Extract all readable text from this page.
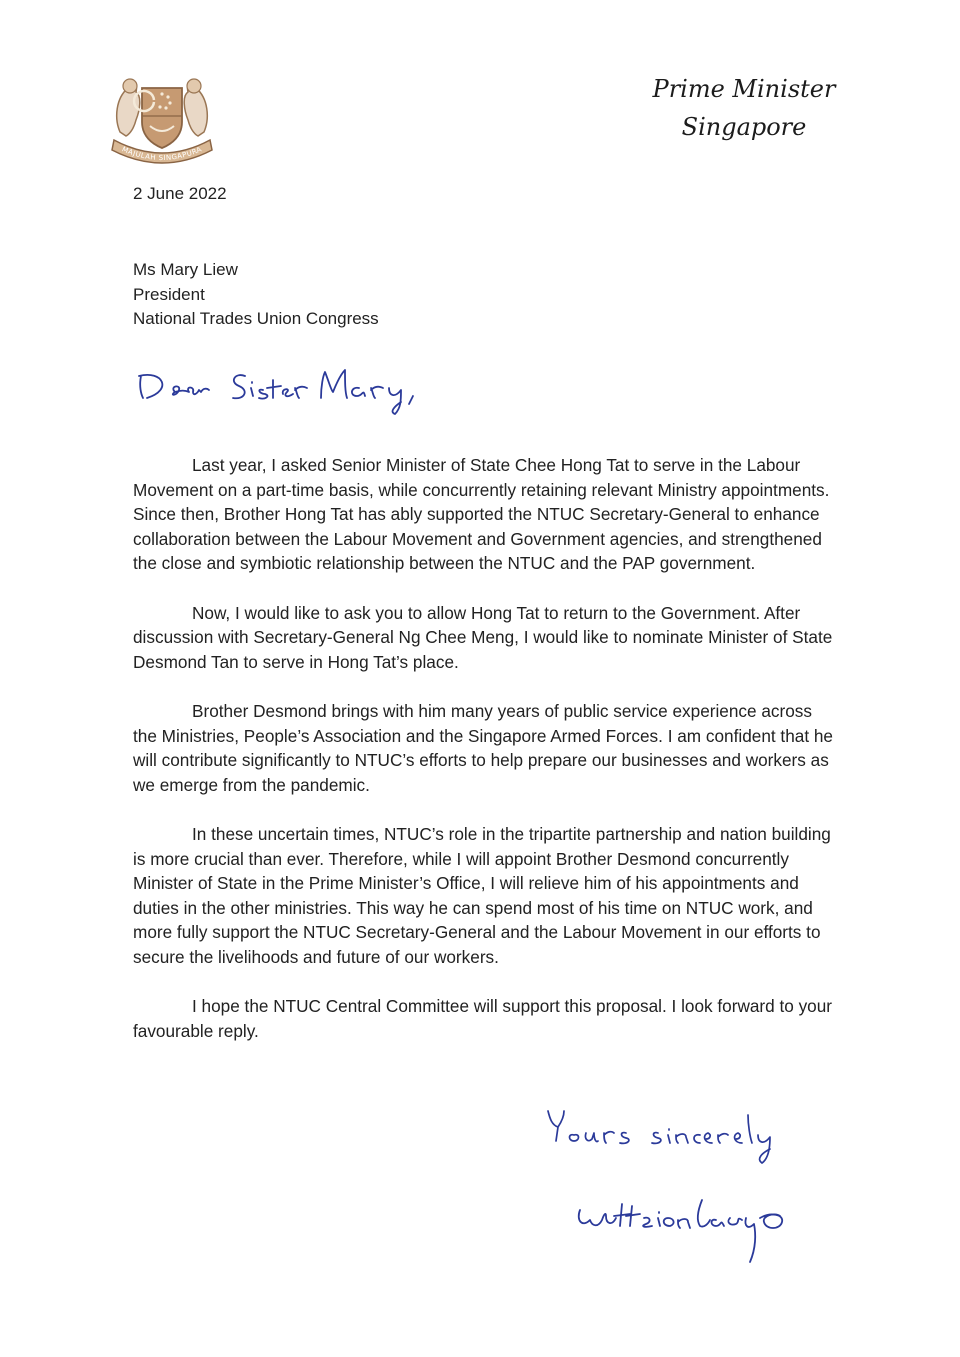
MAJULAH SINGAPURA
Prime Minister
Singapore
2 June 2022
Ms Mary Liew
President
National Trades Union Congress

Last year, I asked Senior Minister of State Chee Hong Tat to serve in the Labour Movement on a part-time basis, while concurrently retaining relevant Ministry appointments. Since then, Brother Hong Tat has ably supported the NTUC Secretary-General to enhance collaboration between the Labour Movement and Government agencies, and strengthened the close and symbiotic relationship between the NTUC and the PAP government.

Now, I would like to ask you to allow Hong Tat to return to the Government. After discussion with Secretary-General Ng Chee Meng, I would like to nominate Minister of State Desmond Tan to serve in Hong Tat’s place.

Brother Desmond brings with him many years of public service experience across the Ministries, People’s Association and the Singapore Armed Forces. I am confident that he will contribute significantly to NTUC’s efforts to help prepare our businesses and workers as we emerge from the pandemic.

In these uncertain times, NTUC’s role in the tripartite partnership and nation building is more crucial than ever. Therefore, while I will appoint Brother Desmond concurrently Minister of State in the Prime Minister’s Office, I will relieve him of his appointments and duties in the other ministries. This way he can spend most of his time on NTUC work, and more fully support the NTUC Secretary-General and the Labour Movement in our efforts to secure the livelihoods and future of our workers.

I hope the NTUC Central Committee will support this proposal. I look forward to your favourable reply.
